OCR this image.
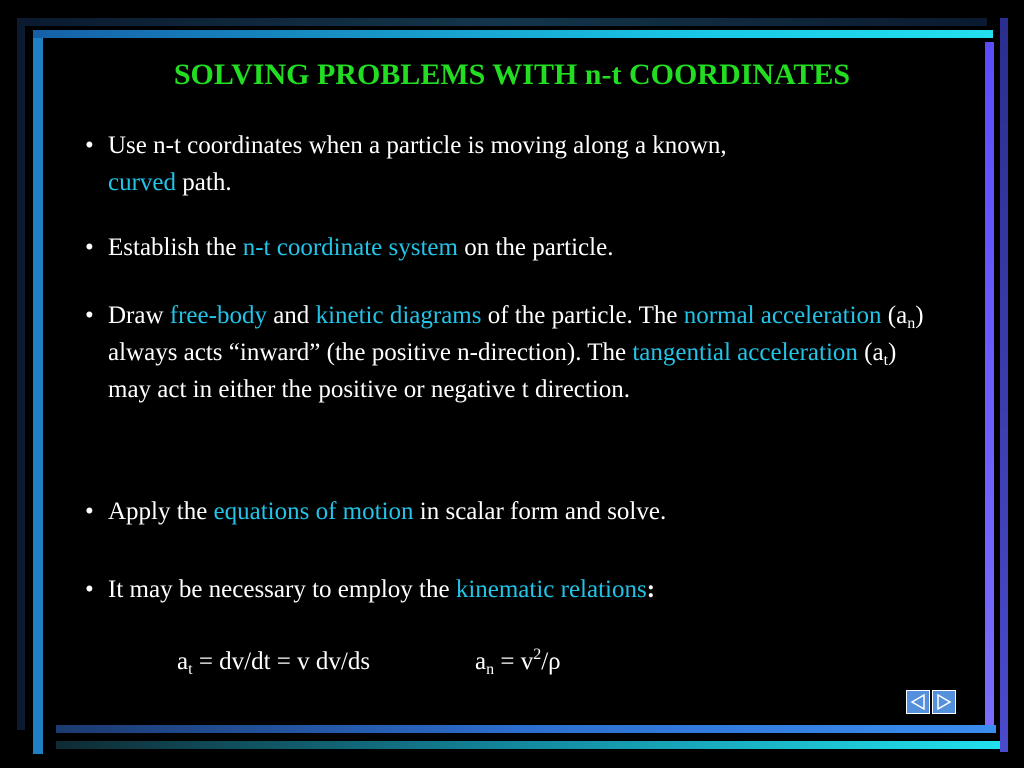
SOLVING PROBLEMS WITH n-t COORDINATES
• Use n-t coordinates when a particle is moving along a known,
curved path.
• Establish the n-t coordinate system on the particle.
• Draw free-body and kinetic diagrams of the particle. The normal acceleration $(a_n)$ always acts “inward” (the positive n-direction). The tangential acceleration $(a_t)$ may act in either the positive or negative t direction.
• Apply the equations of motion in scalar form and solve.
• It may be necessary to employ the kinematic relations:
$a_t = dv/dt = v$ dv/ds	$a_n = v^2/\rho$
